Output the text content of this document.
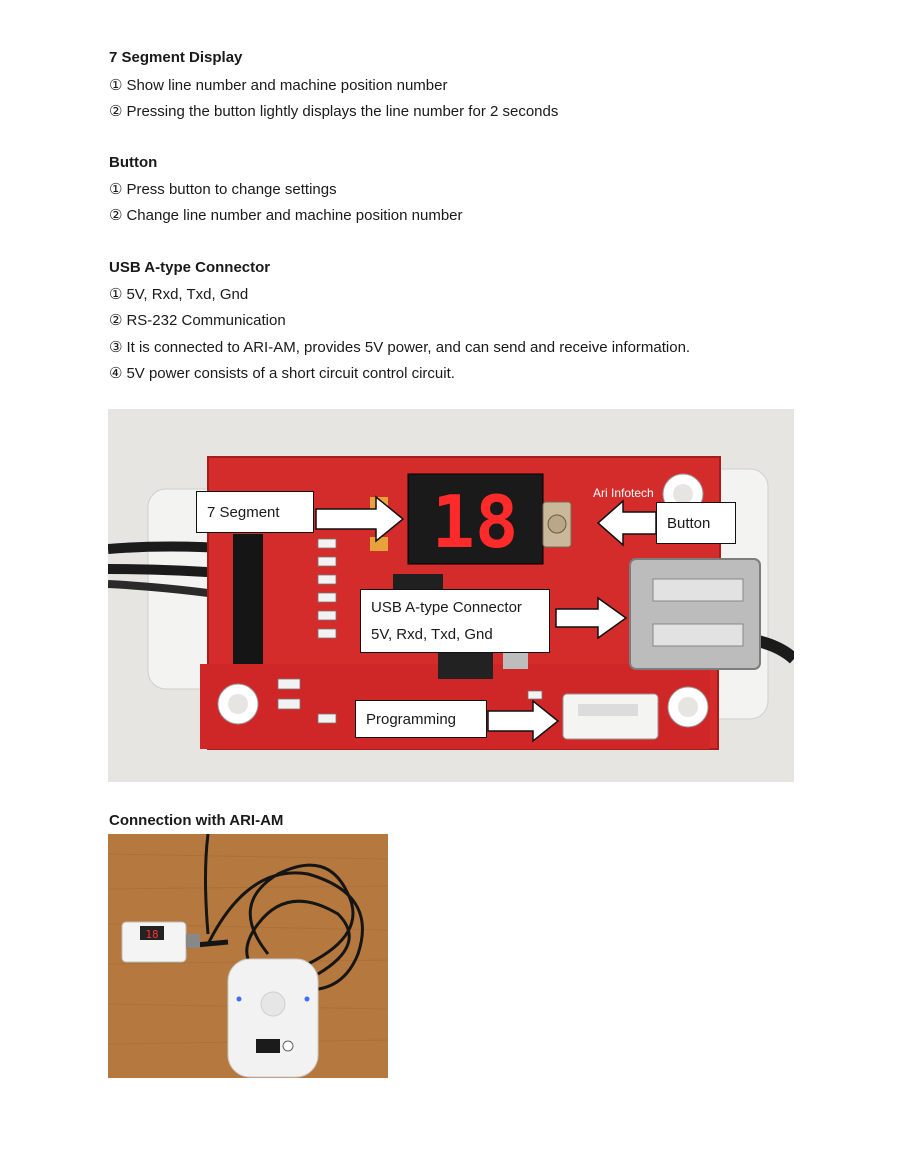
7 Segment Display

① Show line number and machine position number

② Pressing the button lightly displays the line number for 2 seconds

Button

① Press button to change settings

② Change line number and machine position number

USB A-type Connector

① 5V, Rxd, Txd, Gnd

② RS-232 Communication

③ It is connected to ARI-AM, provides 5V power, and can send and receive information.

④ 5V power consists of a short circuit control circuit.

18	Ari Infotech
7 Segment
Button
USB A-type Connector
5V, Rxd, Txd, Gnd
Programming
Connection with ARI-AM
18
